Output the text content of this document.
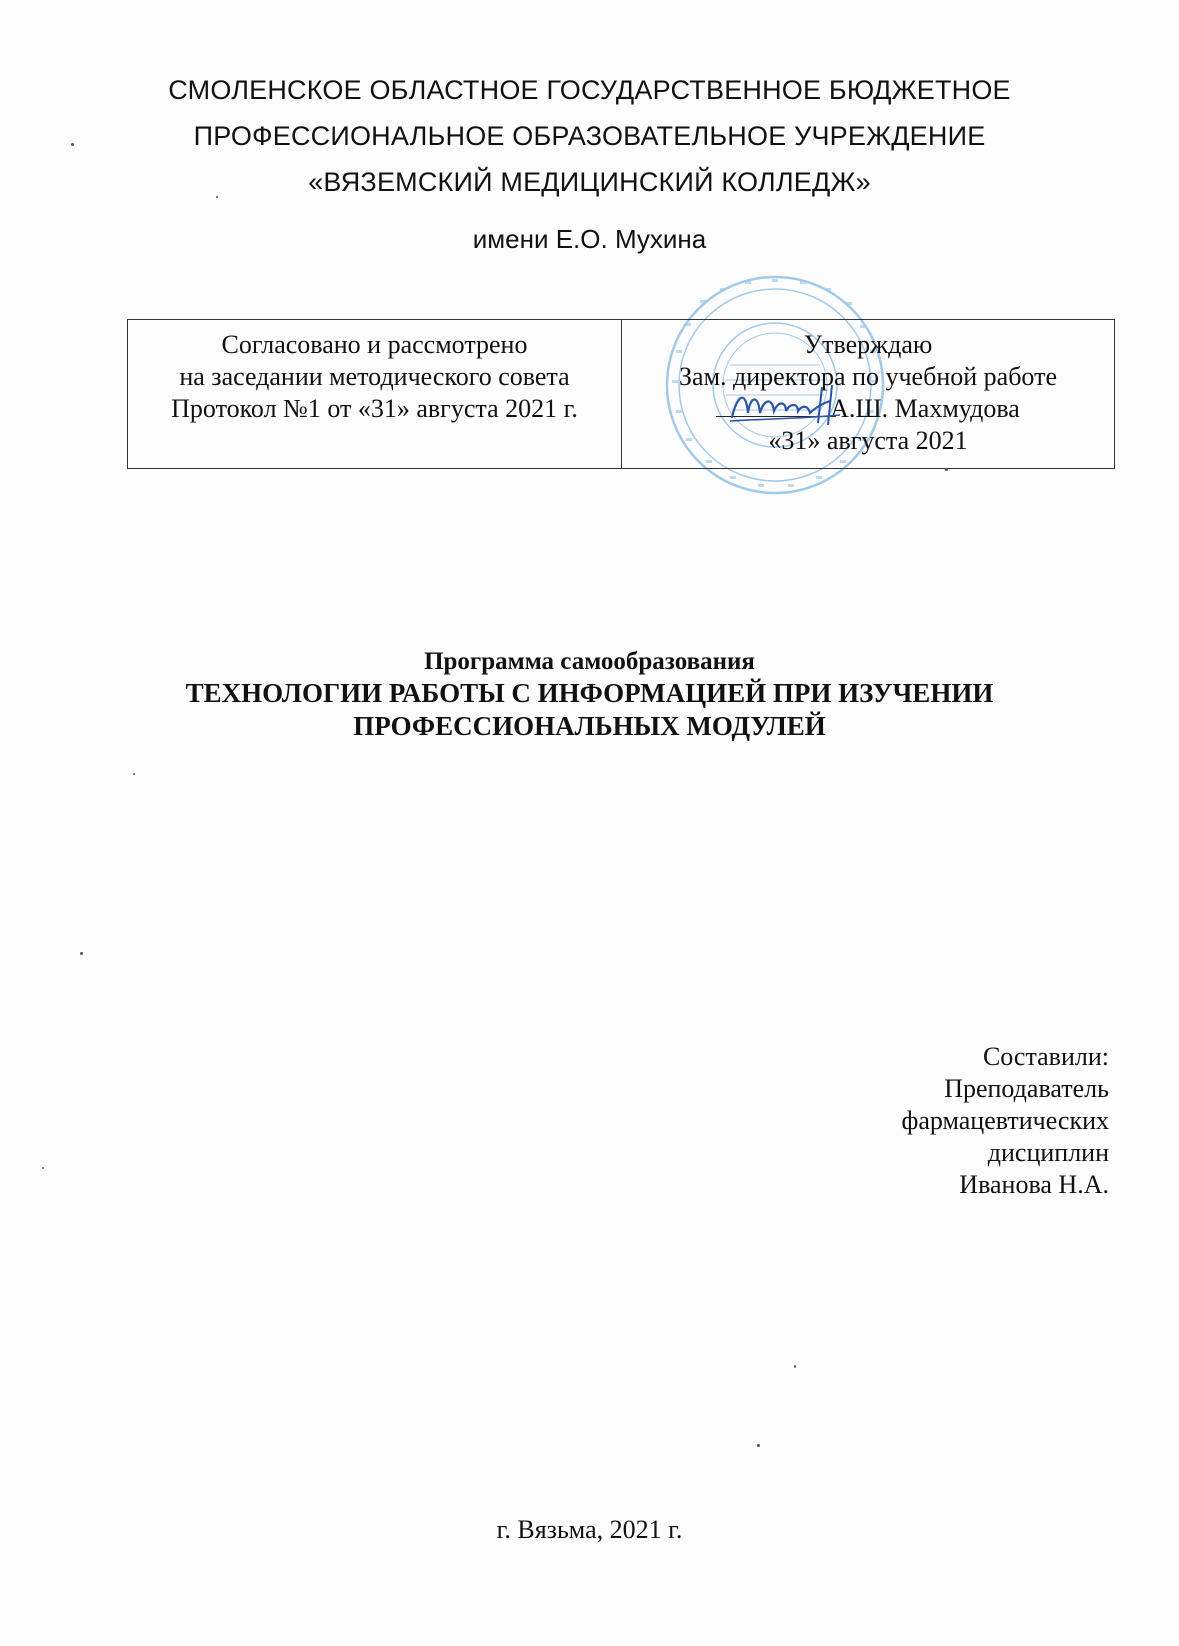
СМОЛЕНСКОЕ ОБЛАСТНОЕ ГОСУДАРСТВЕННОЕ БЮДЖЕТНОЕ
ПРОФЕССИОНАЛЬНОЕ ОБРАЗОВАТЕЛЬНОЕ УЧРЕЖДЕНИЕ
«ВЯЗЕМСКИЙ МЕДИЦИНСКИЙ КОЛЛЕДЖ»
имени Е.О. Мухина
Согласовано и рассмотрено
на заседании методического совета
Протокол №1 от «31» августа 2021 г.
Утверждаю
Зам. директора по учебной работе
А.Ш. Махмудова
«31» августа 2021
Программа самообразования
ТЕХНОЛОГИИ РАБОТЫ С ИНФОРМАЦИЕЙ ПРИ ИЗУЧЕНИИ
ПРОФЕССИОНАЛЬНЫХ МОДУЛЕЙ
Составили:
Преподаватель
фармацевтических
дисциплин
Иванова Н.А.
г. Вязьма, 2021 г.
